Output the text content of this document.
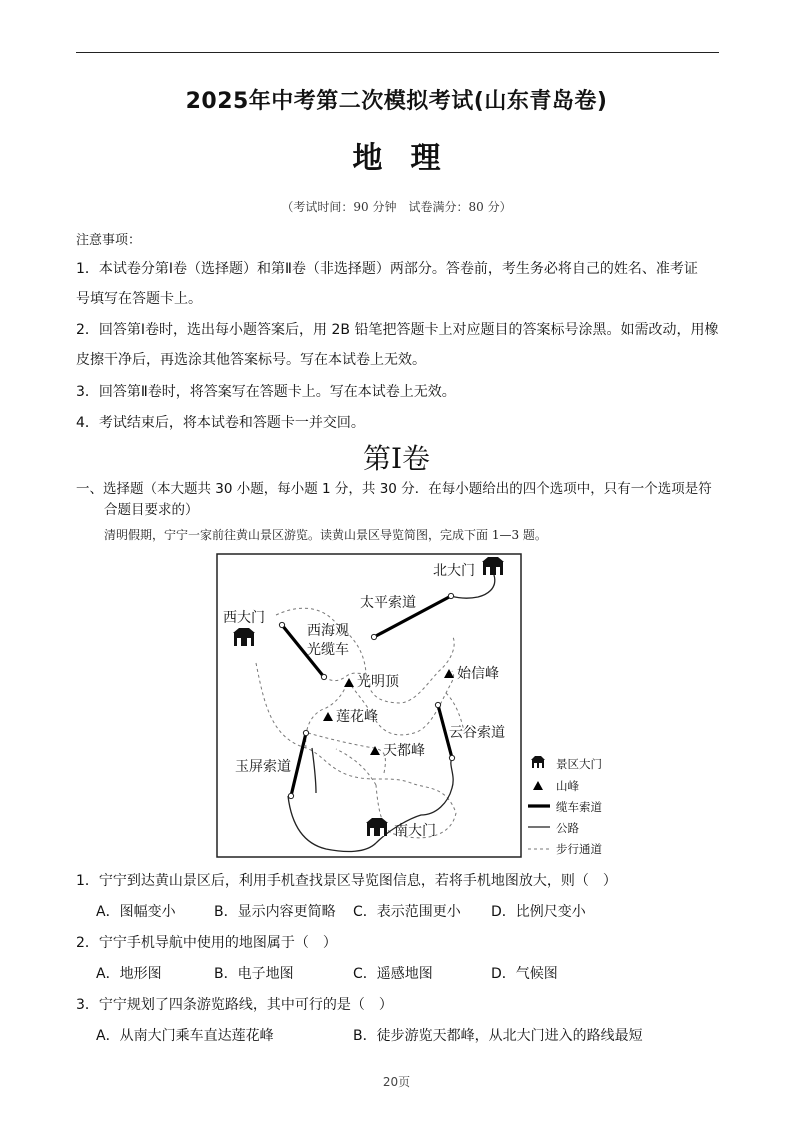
2025年中考第二次模拟考试(山东青岛卷)
地 理
（考试时间：90 分钟　试卷满分：80 分）
注意事项：
1．本试卷分第Ⅰ卷（选择题）和第Ⅱ卷（非选择题）两部分。答卷前，考生务必将自己的姓名、准考证
号填写在答题卡上。
2．回答第Ⅰ卷时，选出每小题答案后，用 2B 铅笔把答题卡上对应题目的答案标号涂黑。如需改动，用橡
皮擦干净后，再选涂其他答案标号。写在本试卷上无效。
3．回答第Ⅱ卷时，将答案写在答题卡上。写在本试卷上无效。
4．考试结束后，将本试卷和答题卡一并交回。
第Ⅰ卷
一、选择题（本大题共 30 小题，每小题 1 分，共 30 分．在每小题给出的四个选项中，只有一个选项是符
合题目要求的）
清明假期，宁宁一家前往黄山景区游览。读黄山景区导览简图，完成下面 1—3 题。
北大门
西大门
南大门
太平索道
西海观
光缆车
光明顶	始信峰
莲花峰
云谷索道
天都峰
玉屏索道	景区大门
山峰
缆车索道
公路
步行通道
1．宁宁到达黄山景区后，利用手机查找景区导览图信息，若将手机地图放大，则（　）
A．图幅变小	B．显示内容更简略 C．表示范围更小 D．比例尺变小
2．宁宁手机导航中使用的地图属于（　）
A．地形图	B．电子地图	C．遥感地图	D．气候图
3．宁宁规划了四条游览路线，其中可行的是（　）
A．从南大门乘车直达莲花峰	B．徒步游览天都峰，从北大门进入的路线最短
20页
